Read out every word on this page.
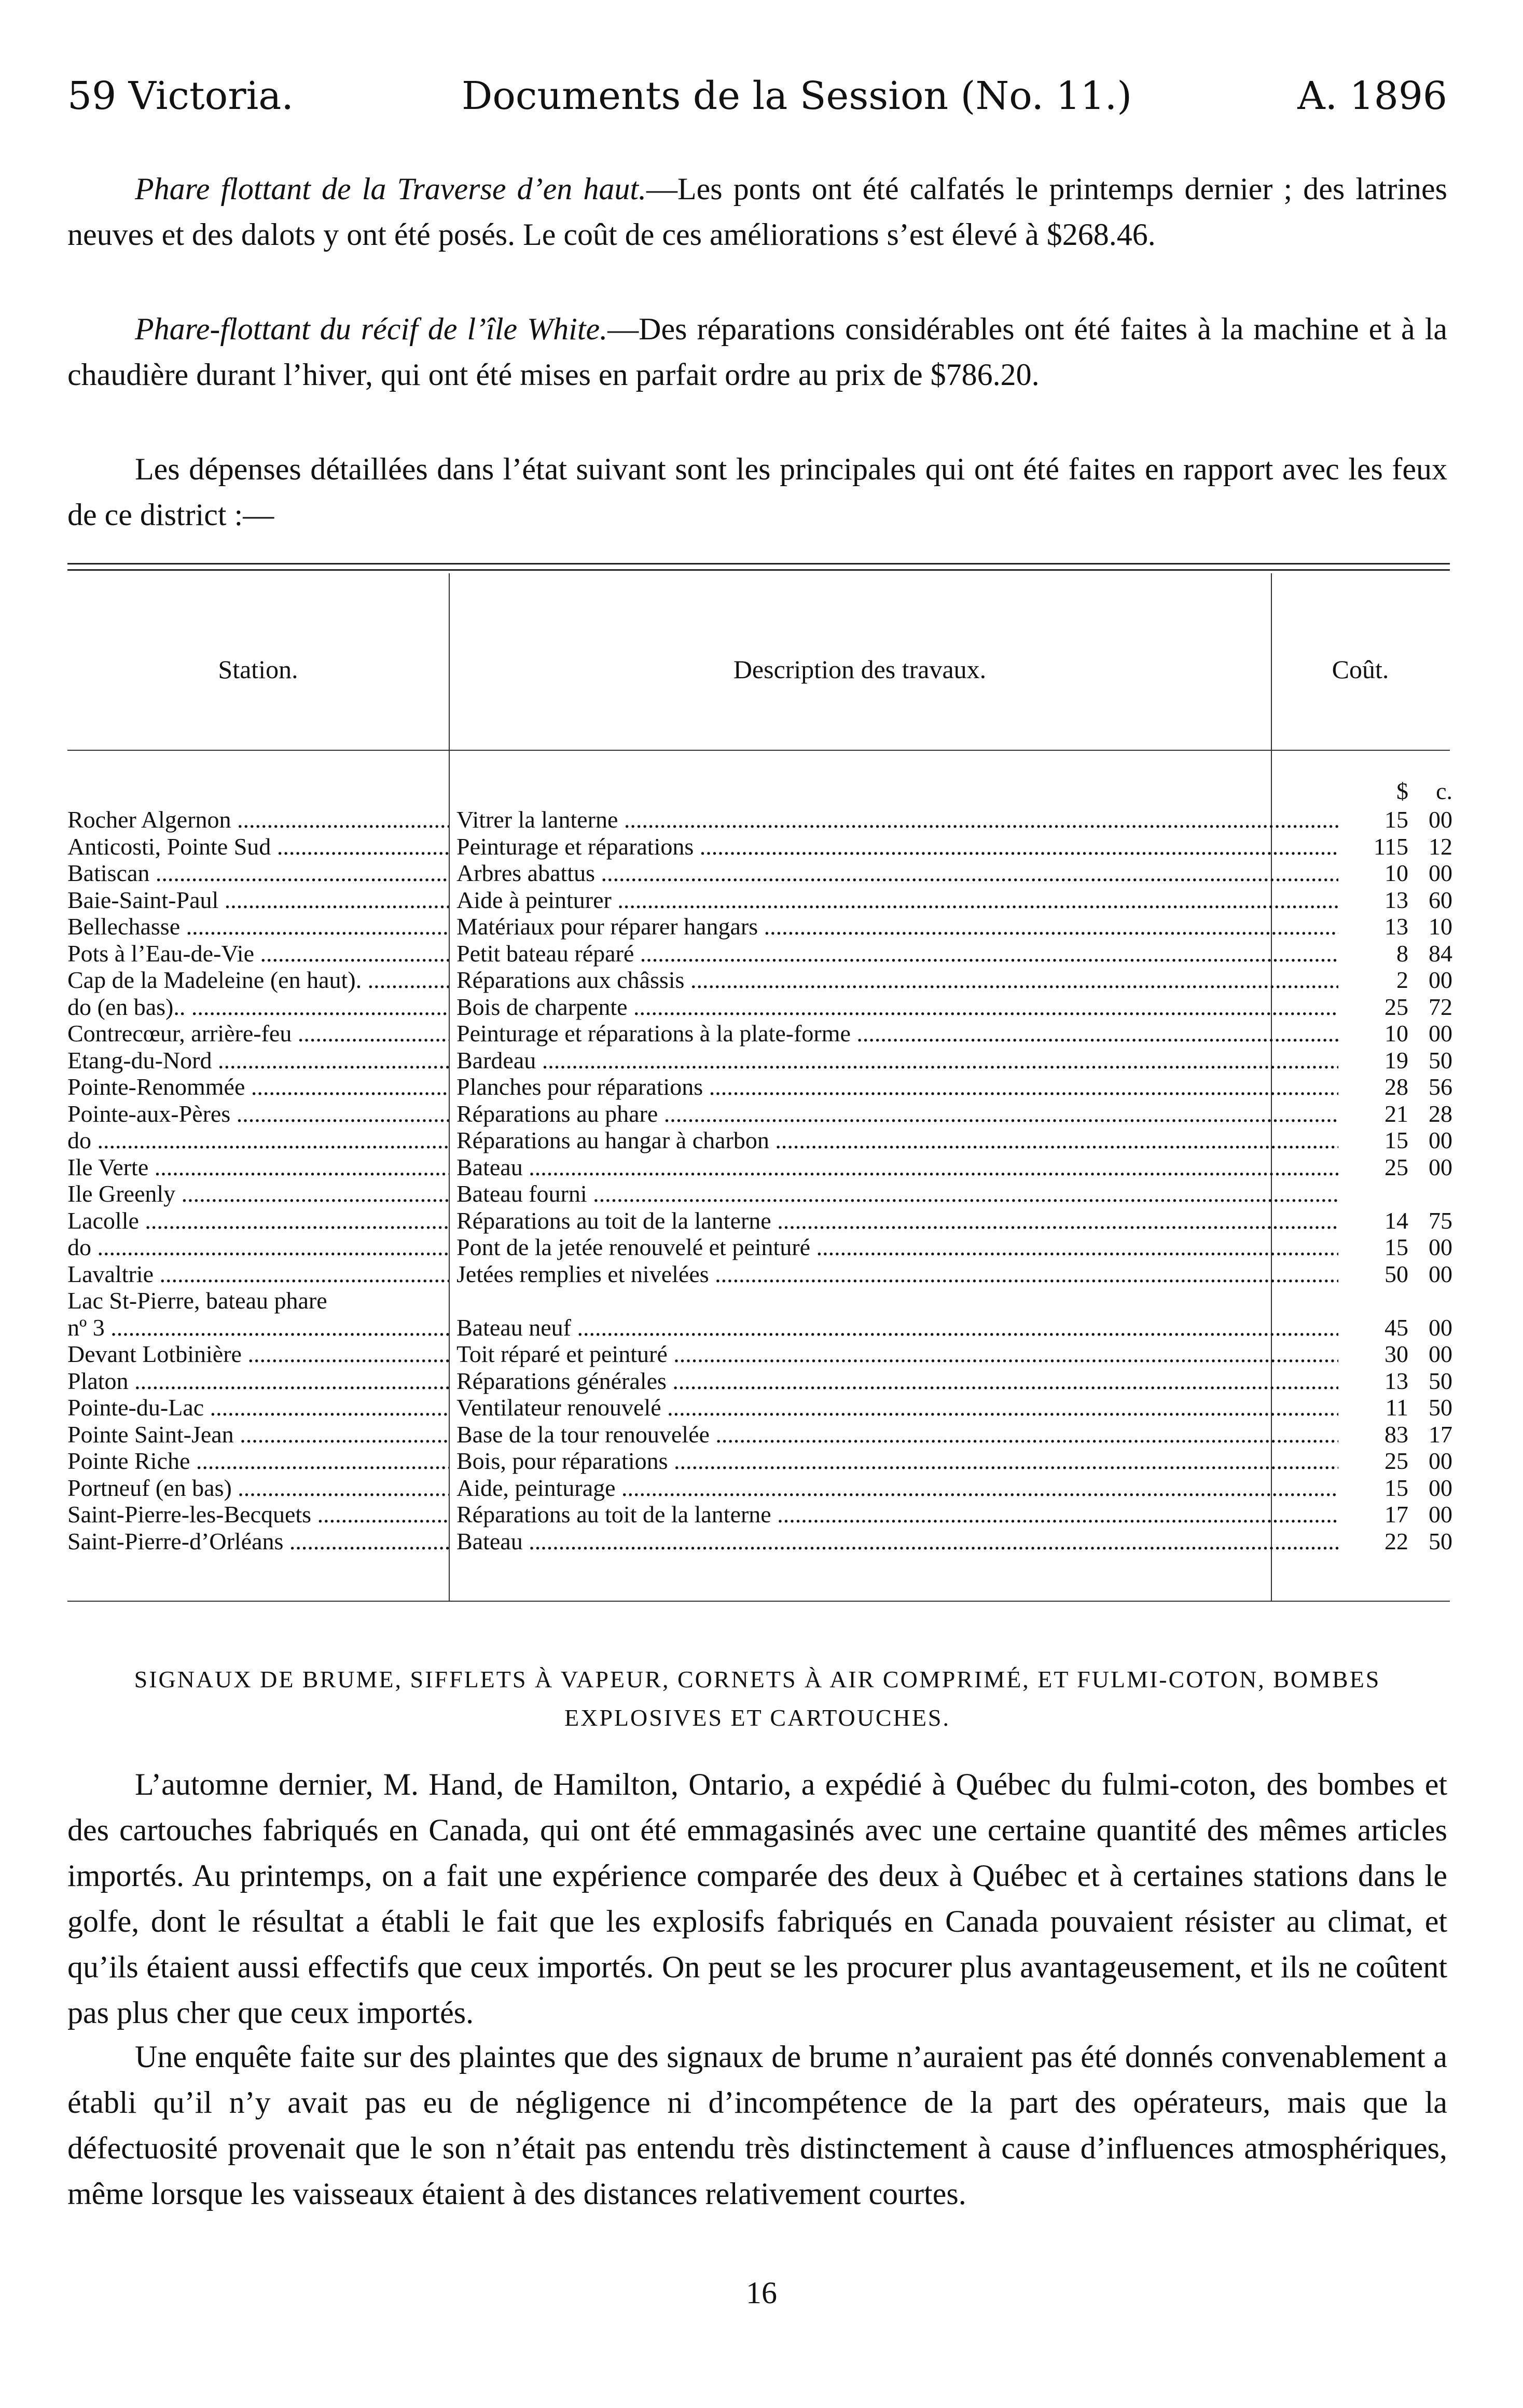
59 Victoria.	Documents de la Session (No. 11.)	A. 1896
Phare flottant de la Traverse d’en haut.—Les ponts ont été calfatés le printemps dernier ; des latrines neuves et des dalots y ont été posés. Le coût de ces améliorations s’est élevé à $268.46.
Phare-flottant du récif de l’île White.—Des réparations considérables ont été faites à la machine et à la chaudière durant l’hiver, qui ont été mises en parfait ordre au prix de $786.20.
Les dépenses détaillées dans l’état suivant sont les principales qui ont été faites en rapport avec les feux de ce district :—
Station.	Description des travaux.	Coût.
$	c.
Rocher Algernon .....	Vitrer la lanterne .....	15 00
Anticosti, Pointe Sud .....	Peinturage et réparations .....	115 12
Batiscan .....	Arbres abattus .....	10 00
Baie-Saint-Paul .....	Aide à peinturer .....	13 60
Bellechasse .....	Matériaux pour réparer hangars .....	13 10
Pots à l’Eau-de-Vie .....	Petit bateau réparé .....	8 84
Cap de la Madeleine (en haut). .....	Réparations aux châssis .....	2 00
do (en bas).. .....	Bois de charpente .....	25 72
Contrecœur, arrière-feu .....	Peinturage et réparations à la plate-forme .....	10 00
Etang-du-Nord .....	Bardeau .....	19 50
Pointe-Renommée .....	Planches pour réparations .....	28 56
Pointe-aux-Pères .....	Réparations au phare .....	21 28
do .....	Réparations au hangar à charbon .....	15 00
Ile Verte .....	Bateau .....	25 00
Ile Greenly .....	Bateau fourni .....
Lacolle .....	Réparations au toit de la lanterne .....	14 75
do .....	Pont de la jetée renouvelé et peinturé .....	15 00
Lavaltrie .....	Jetées remplies et nivelées .....	50 00
Lac St-Pierre, bateau phare
nº 3 .....	Bateau neuf .....	45 00
Devant Lotbinière .....	Toit réparé et peinturé .....	30 00
Platon .....	Réparations générales .....	13 50
Pointe-du-Lac .....	Ventilateur renouvelé .....	11 50
Pointe Saint-Jean .....	Base de la tour renouvelée .....	83 17
Pointe Riche .....	Bois, pour réparations .....	25 00
Portneuf (en bas) .....	Aide, peinturage .....	15 00
Saint-Pierre-les-Becquets .....	Réparations au toit de la lanterne .....	17 00
Saint-Pierre-d’Orléans .....	Bateau .....	22 50
SIGNAUX DE BRUME, SIFFLETS À VAPEUR, CORNETS À AIR COMPRIMÉ, ET FULMI-COTON, BOMBES EXPLOSIVES ET CARTOUCHES.
L’automne dernier, M. Hand, de Hamilton, Ontario, a expédié à Québec du fulmi-coton, des bombes et des cartouches fabriqués en Canada, qui ont été emmagasinés avec une certaine quantité des mêmes articles importés. Au printemps, on a fait une expérience comparée des deux à Québec et à certaines stations dans le golfe, dont le résultat a établi le fait que les explosifs fabriqués en Canada pouvaient résister au climat, et qu’ils étaient aussi effectifs que ceux importés. On peut se les procurer plus avantageusement, et ils ne coûtent pas plus cher que ceux importés.
Une enquête faite sur des plaintes que des signaux de brume n’auraient pas été donnés convenablement a établi qu’il n’y avait pas eu de négligence ni d’incompétence de la part des opérateurs, mais que la défectuosité provenait que le son n’était pas entendu très distinctement à cause d’influences atmosphériques, même lorsque les vaisseaux étaient à des distances relativement courtes.
16
